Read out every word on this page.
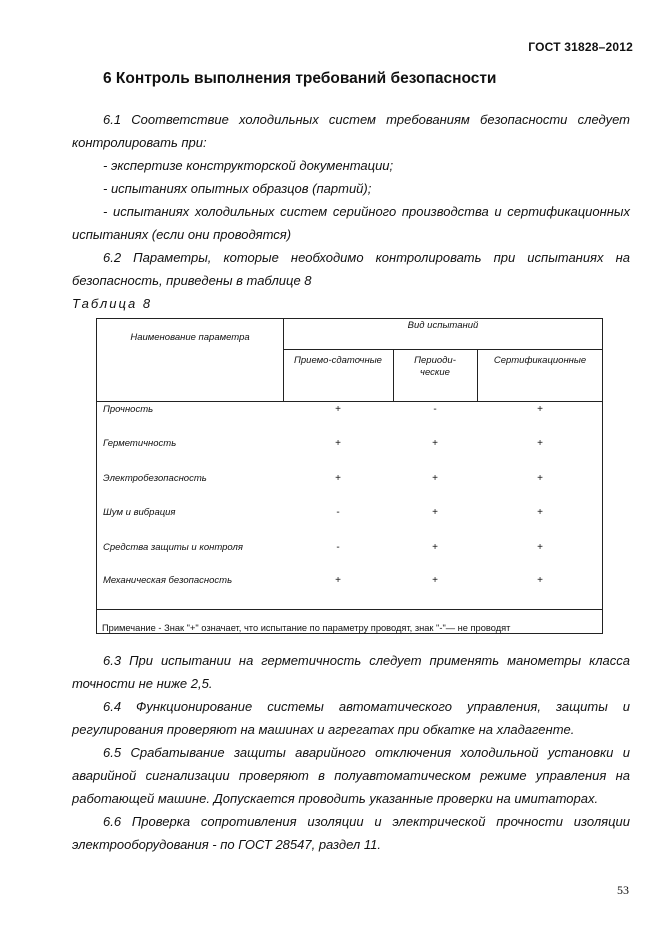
ГОСТ 31828–2012
6 Контроль выполнения требований безопасности
6.1 Соответствие холодильных систем требованиям безопасности следует
контролировать при:
- экспертизе конструкторской документации;
- испытаниях опытных образцов (партий);
- испытаниях холодильных систем серийного производства и сертификационных
испытаниях (если они проводятся)
6.2 Параметры, которые необходимо контролировать при испытаниях на
безопасность, приведены в таблице 8
Таблица 8
Наименование параметра
Вид испытаний
Приемо-сдаточные	Периоди-
ческие
Сертификационные
Прочность	+	-	+
Герметичность	+	+	+
Электробезопасность	+	+	+
Шум и вибрация	-	+	+
Средства защиты и контроля	-	+	+
Механическая безопасность	+	+	+
Примечание - Знак "+" означает, что испытание по параметру проводят, знак "-"— не проводят
6.3 При испытании на герметичность следует применять манометры класса
точности не ниже 2,5.
6.4 Функционирование системы автоматического управления, защиты и
регулирования проверяют на машинах и агрегатах при обкатке на хладагенте.
6.5 Срабатывание защиты аварийного отключения холодильной установки и
аварийной сигнализации проверяют в полуавтоматическом режиме управления на
работающей машине. Допускается проводить указанные проверки на имитаторах.
6.6 Проверка сопротивления изоляции и электрической прочности изоляции
электрооборудования - по ГОСТ 28547, раздел 11.
53
